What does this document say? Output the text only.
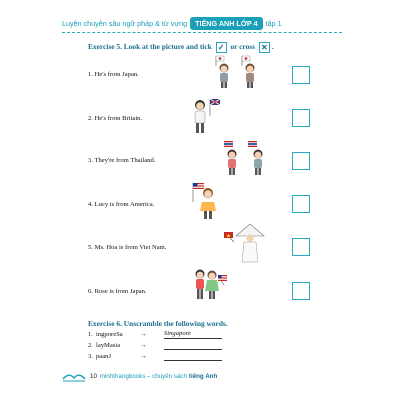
Luyện chuyên sâu ngữ pháp & từ vựng	TIẾNG ANH LỚP 4	tập 1
Exercise 5. Look at the picture and tick ✓ or cross ✕ .
1. He's from Japan.
2. He's from Britain.
3. They're from Thailand.
4. Lucy is from America.
5. Ms. Hoa is from Viet Nam.
6. Rose is from Japan.
Exercise 6. Unscramble the following words.
1. ingporeSa	→	Singapore
2. layMasia	→
3. paanJ	→
10 minhthangbooks – chuyên sách tiếng Anh
